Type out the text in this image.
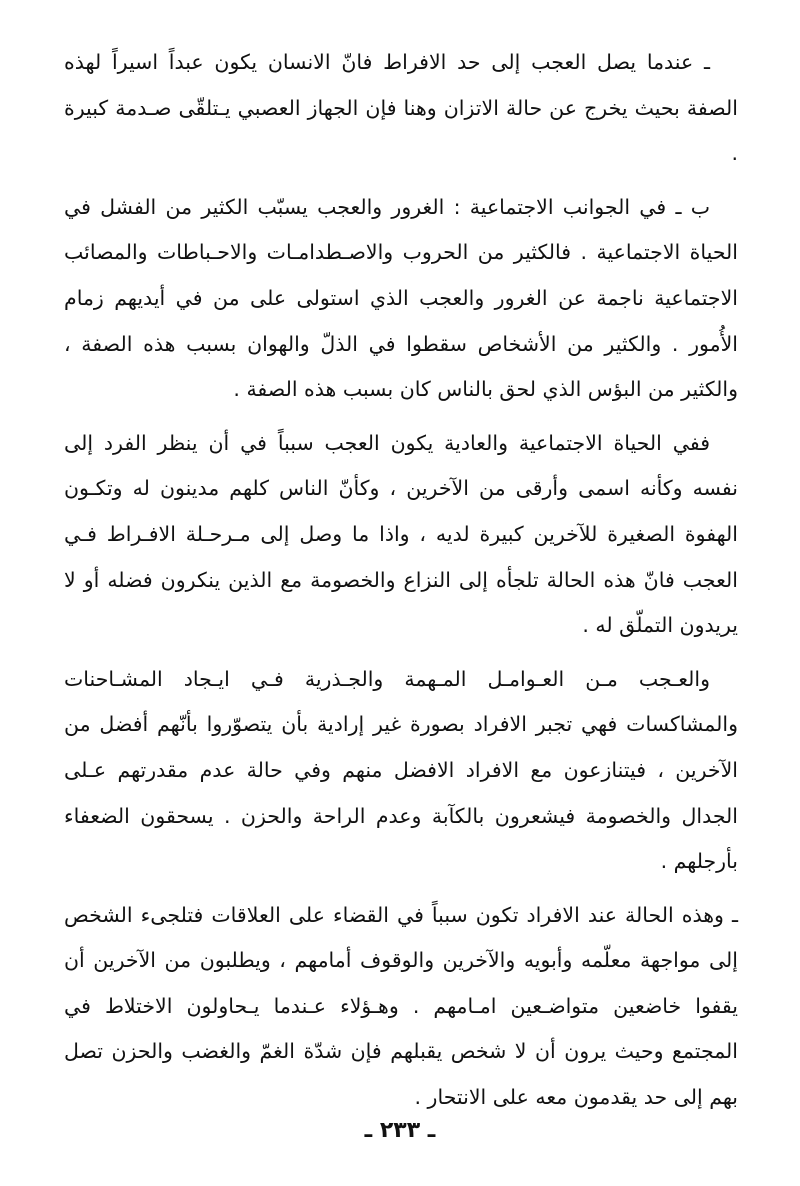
ـ عندما يصل العجب إلى حد الافراط فانّ الانسان يكون عبداً اسيراً لهذه الصفة بحيث يخرج عن حالة الاتزان وهنا فإن الجهاز العصبي يـتلقّى صـدمة كبيرة .

ب ـ في الجوانب الاجتماعية : الغرور والعجب يسبّب الكثير من الفشل في الحياة الاجتماعية . فالكثير من الحروب والاصـطدامـات والاحـباطات والمصائب الاجتماعية ناجمة عن الغرور والعجب الذي استولى على من في أيديهم زمام الأُمور . والكثير من الأشخاص سقطوا في الذلّ والهوان بسبب هذه الصفة ، والكثير من البؤس الذي لحق بالناس كان بسبب هذه الصفة .

ففي الحياة الاجتماعية والعادية يكون العجب سبباً في أن ينظر الفرد إلى نفسه وكأنه اسمى وأرقى من الآخرين ، وكأنّ الناس كلهم مدينون له وتكـون الهفوة الصغيرة للآخرين كبيرة لديه ، واذا ما وصل إلى مـرحـلة الافـراط فـي العجب فانّ هذه الحالة تلجأه إلى النزاع والخصومة مع الذين ينكرون فضله أو لا يريدون التملّق له .

والعـجب مـن العـوامـل المـهمة والجـذرية فـي ايـجاد المشـاحنات والمشاكسات فهي تجبر الافراد بصورة غير إرادية بأن يتصوّروا بأنّهم أفضل من الآخرين ، فيتنازعون مع الافراد الافضل منهم وفي حالة عدم مقدرتهم عـلى الجدال والخصومة فيشعرون بالكآبة وعدم الراحة والحزن . يسحقون الضعفاء بأرجلهم .

ـ وهذه الحالة عند الافراد تكون سبباً في القضاء على العلاقات فتلجىء الشخص إلى مواجهة معلّمه وأبويه والآخرين والوقوف أمامهم ، ويطلبون من الآخرين أن يقفوا خاضعين متواضـعين امـامهم . وهـؤلاء عـندما يـحاولون الاختلاط في المجتمع وحيث يرون أن لا شخص يقبلهم فإن شدّة الغمّ والغضب والحزن تصل بهم إلى حد يقدمون معه على الانتحار .

ـ ٢٣٣ ـ
